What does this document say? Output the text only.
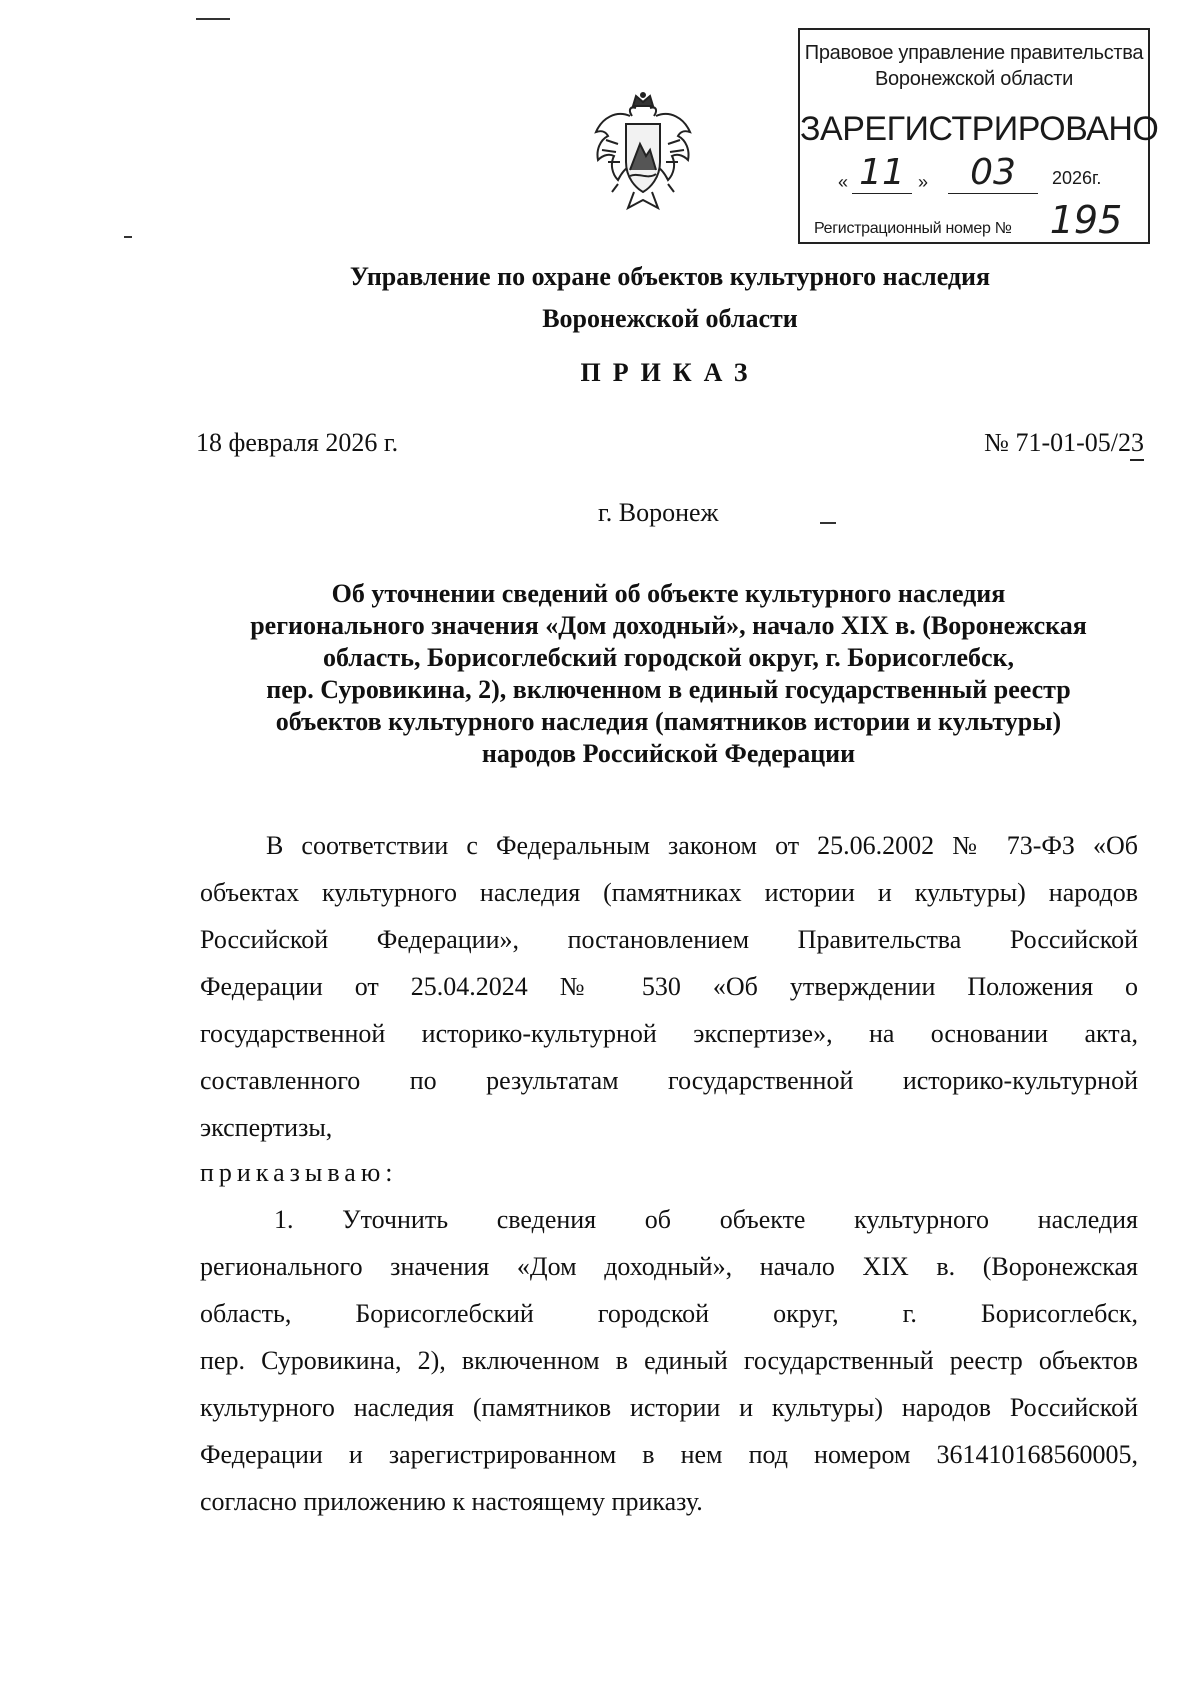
Правовое управление правительства
Воронежской области
ЗАРЕГИСТРИРОВАНО
« 11 »	03	2026г.
Регистрационный номер №	195
Управление по охране объектов культурного наследия
Воронежской области
ПРИКАЗ
18 февраля 2026 г.	№ 71-01-05/23
г. Воронеж
Об уточнении сведений об объекте культурного наследия
регионального значения «Дом доходный», начало XIX в. (Воронежская
область, Борисоглебский городской округ, г. Борисоглебск,
пер. Суровикина, 2), включенном в единый государственный реестр
объектов культурного наследия (памятников истории и культуры)
народов Российской Федерации
В соответствии с Федеральным законом от 25.06.2002 № 73-ФЗ «Об
объектах культурного наследия (памятниках истории и культуры) народов
Российской Федерации», постановлением Правительства Российской
Федерации от 25.04.2024 № 530 «Об утверждении Положения о
государственной историко-культурной экспертизе», на основании акта,
составленного по результатам государственной историко-культурной
экспертизы,
приказываю:
1. Уточнить сведения об объекте культурного наследия
регионального значения «Дом доходный», начало XIX в. (Воронежская
область, Борисоглебский городской округ, г. Борисоглебск,
пер. Суровикина, 2), включенном в единый государственный реестр объектов
культурного наследия (памятников истории и культуры) народов Российской
Федерации и зарегистрированном в нем под номером 361410168560005,
согласно приложению к настоящему приказу.
